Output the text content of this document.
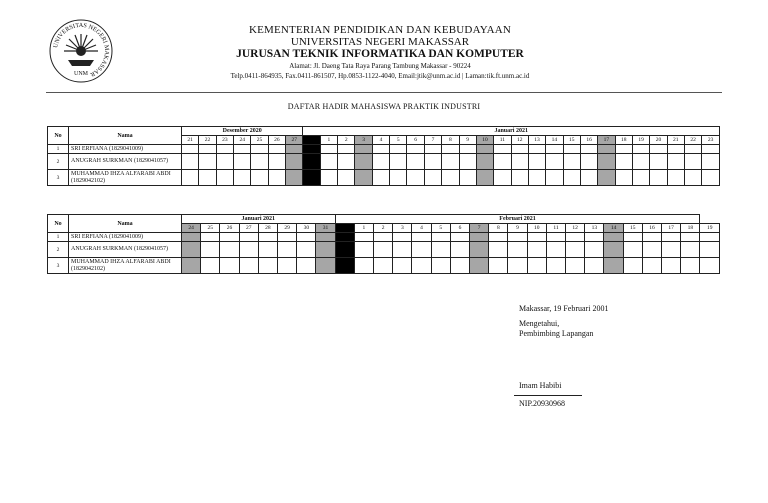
UNIVERSITAS NEGERI MAKASSAR
UNM
KEMENTERIAN PENDIDIKAN DAN KEBUDAYAAN
UNIVERSITAS NEGERI MAKASSAR
JURUSAN TEKNIK INFORMATIKA DAN KOMPUTER
Alamat: Jl. Daeng Tata Raya Parang Tambung Makassar - 90224
Telp.0411-864935, Fax.0411-861507, Hp.0853-1122-4040, Email:jtik@unm.ac.id | Laman:tik.ft.unm.ac.id
DAFTAR HADIR MAHASISWA PRAKTIK INDUSTRI
No	Nama	Desember 2020							Januari 2021																							
		21	22	23	24	25	26	27		1	2	3	4	5	6	7	8	9	10	11	12	13	14	15	16	17	18	19	20	21	22	23
1	SRI ERFIANA (1829041009)																															
2	ANUGRAH SURKMAN (1829041057)																															
3	MUHAMMAD IHZA ALFARABI ABDI (1829042102)																															
No	Nama	Januari 2021								Februari 2021																			
		24	25	26	27	28	29	30	31		1	2	3	4	5	6	7	8	9	10	11	12	13	14	15	16	17	18	19
1	SRI ERFIANA (1829041009)																												
2	ANUGRAH SURKMAN (1829041057)																												
3	MUHAMMAD IHZA ALFARABI ABDI (1829042102)																												
Makassar, 19 Februari 2001
Mengetahui,
Pembimbing Lapangan
Imam Habibi
NIP.20930968
